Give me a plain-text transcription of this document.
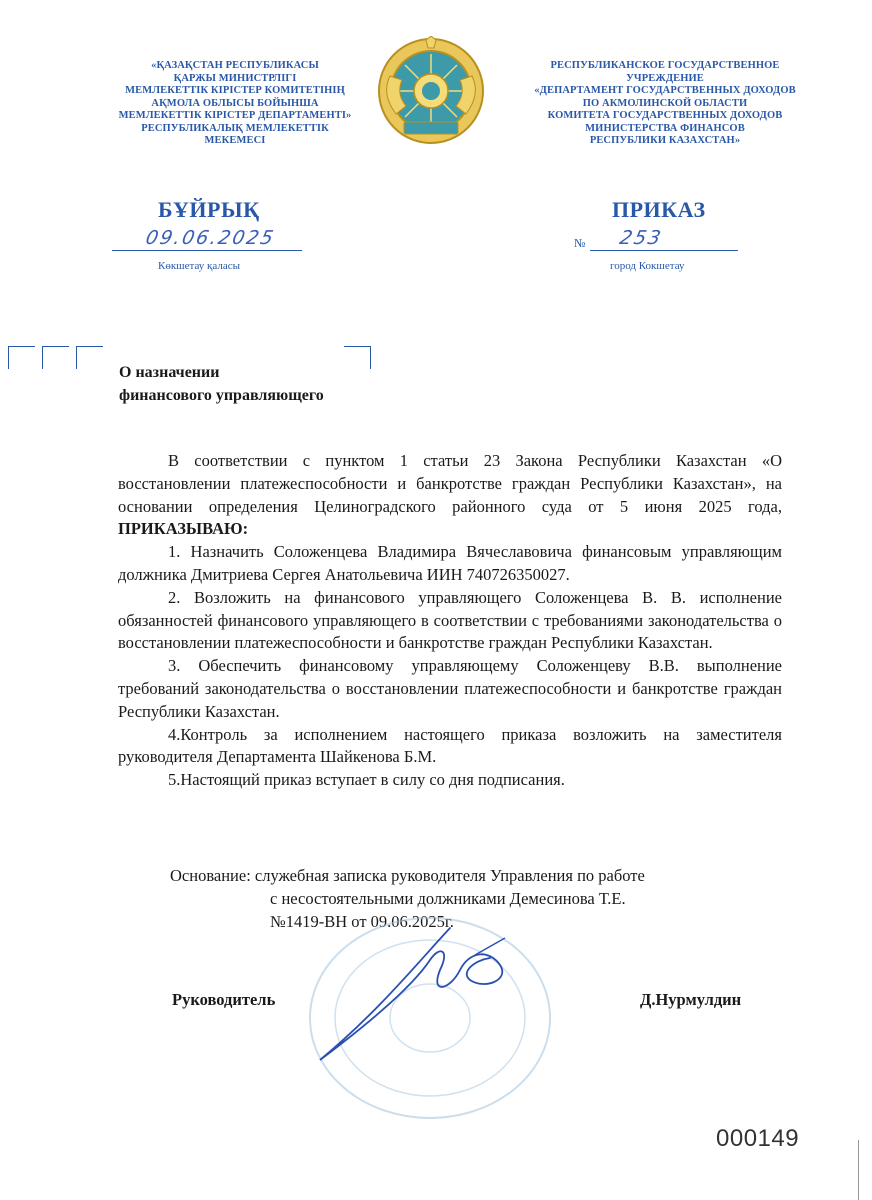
«ҚАЗАҚСТАН РЕСПУБЛИКАСЫ
ҚАРЖЫ МИНИСТРЛІГІ
МЕМЛЕКЕТТІК КІРІСТЕР КОМИТЕТІНІҢ
АҚМОЛА ОБЛЫСЫ БОЙЫНША
МЕМЛЕКЕТТІК КІРІСТЕР ДЕПАРТАМЕНТІ»
РЕСПУБЛИКАЛЫҚ МЕМЛЕКЕТТІК
МЕКЕМЕСІ
РЕСПУБЛИКАНСКОЕ ГОСУДАРСТВЕННОЕ
УЧРЕЖДЕНИЕ
«ДЕПАРТАМЕНТ ГОСУДАРСТВЕННЫХ ДОХОДОВ
ПО АКМОЛИНСКОЙ ОБЛАСТИ
КОМИТЕТА ГОСУДАРСТВЕННЫХ ДОХОДОВ
МИНИСТЕРСТВА ФИНАНСОВ
РЕСПУБЛИКИ КАЗАХСТАН»
БҰЙРЫҚ	ПРИКАЗ
09.06.2025	№ 253
Көкшетау қаласы	город Кокшетау
О назначении
финансового управляющего

В соответствии с пунктом 1 статьи 23 Закона Республики Казахстан «О восстановлении платежеспособности и банкротстве граждан Республики Казахстан», на основании определения Целиноградского районного суда от 5 июня 2025 года, ПРИКАЗЫВАЮ:

1. Назначить Соложенцева Владимира Вячеславовича финансовым управляющим должника Дмитриева Сергея Анатольевича ИИН 740726350027.

2. Возложить на финансового управляющего Соложенцева В. В. исполнение обязанностей финансового управляющего в соответствии с требованиями законодательства о восстановлении платежеспособности и банкротстве граждан Республики Казахстан.

3. Обеспечить финансовому управляющему Соложенцеву В.В. выполнение требований законодательства о восстановлении платежеспособности и банкротстве граждан Республики Казахстан.

4.Контроль за исполнением настоящего приказа возложить на заместителя руководителя Департамента Шайкенова Б.М.

5.Настоящий приказ вступает в силу со дня подписания.

Основание: служебная записка руководителя Управления по работе
с несостоятельными должниками Демесинова Т.Е.
№1419-ВН от 09.06.2025г.
Руководитель	Д.Нурмулдин
000149
